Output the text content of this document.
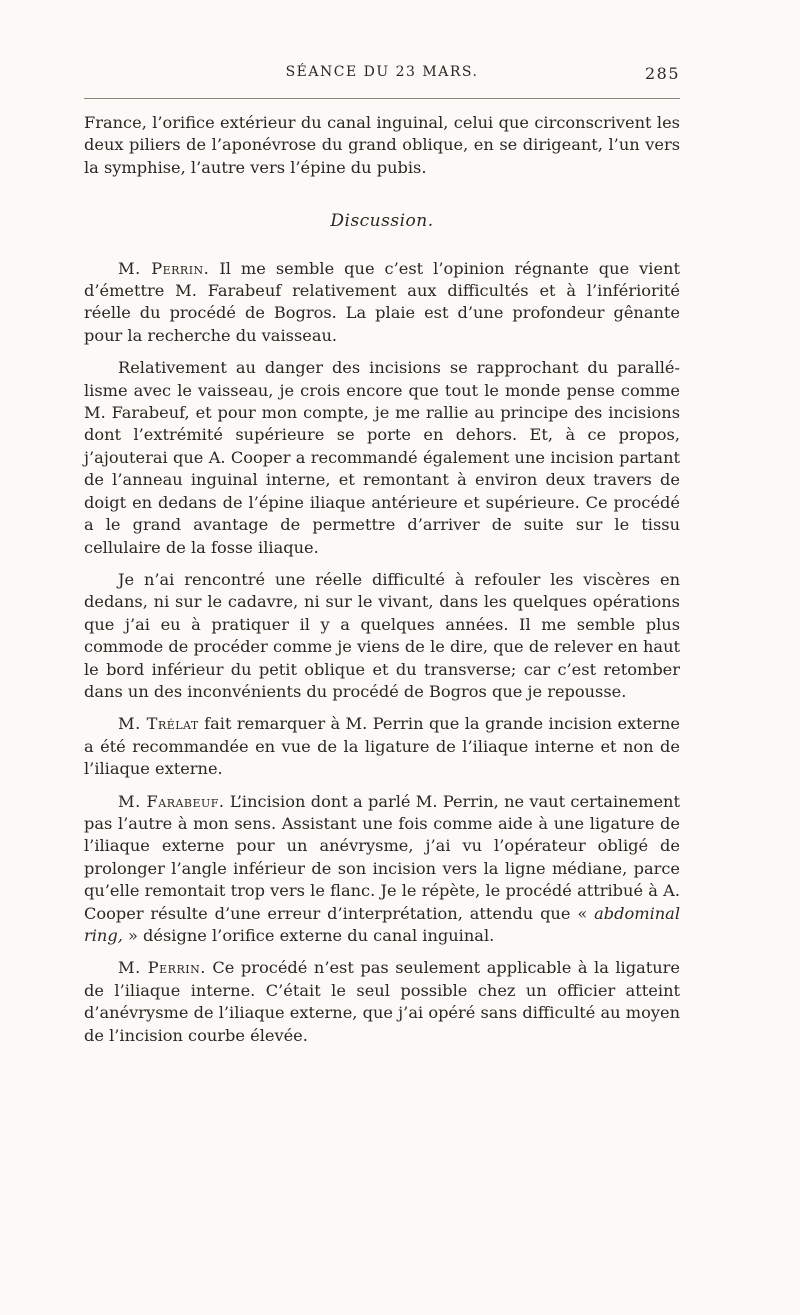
SÉANCE DU 23 MARS.	285

France, l’orifice extérieur du canal inguinal, celui que circonscrivent les deux piliers de l’aponévrose du grand oblique, en se dirigeant, l’un vers la symphise, l’autre vers l’épine du pubis.

Discussion.

M. Perrin. Il me semble que c’est l’opinion régnante que vient d’émettre M. Farabeuf relativement aux difficultés et à l’infériorité réelle du procédé de Bogros. La plaie est d’une profondeur gênante pour la recherche du vaisseau.

Relativement au danger des incisions se rapprochant du parallélisme avec le vaisseau, je crois encore que tout le monde pense comme M. Farabeuf, et pour mon compte, je me rallie au principe des incisions dont l’extrémité supérieure se porte en dehors. Et, à ce propos, j’ajouterai que A. Cooper a recommandé également une incision partant de l’anneau inguinal interne, et remontant à environ deux travers de doigt en dedans de l’épine iliaque antérieure et supérieure. Ce procédé a le grand avantage de permettre d’arriver de suite sur le tissu cellulaire de la fosse iliaque.

Je n’ai rencontré une réelle difficulté à refouler les viscères en dedans, ni sur le cadavre, ni sur le vivant, dans les quelques opérations que j’ai eu à pratiquer il y a quelques années. Il me semble plus commode de procéder comme je viens de le dire, que de relever en haut le bord inférieur du petit oblique et du transverse; car c’est retomber dans un des inconvénients du procédé de Bogros que je repousse.

M. Trélat fait remarquer à M. Perrin que la grande incision externe a été recommandée en vue de la ligature de l’iliaque interne et non de l’iliaque externe.

M. Farabeuf. L’incision dont a parlé M. Perrin, ne vaut certainement pas l’autre à mon sens. Assistant une fois comme aide à une ligature de l’iliaque externe pour un anévrysme, j’ai vu l’opérateur obligé de prolonger l’angle inférieur de son incision vers la ligne médiane, parce qu’elle remontait trop vers le flanc. Je le répète, le procédé attribué à A. Cooper résulte d’une erreur d’interprétation, attendu que « abdominal ring, » désigne l’orifice externe du canal inguinal.

M. Perrin. Ce procédé n’est pas seulement applicable à la ligature de l’iliaque interne. C’était le seul possible chez un officier atteint d’anévrysme de l’iliaque externe, que j’ai opéré sans difficulté au moyen de l’incision courbe élevée.
